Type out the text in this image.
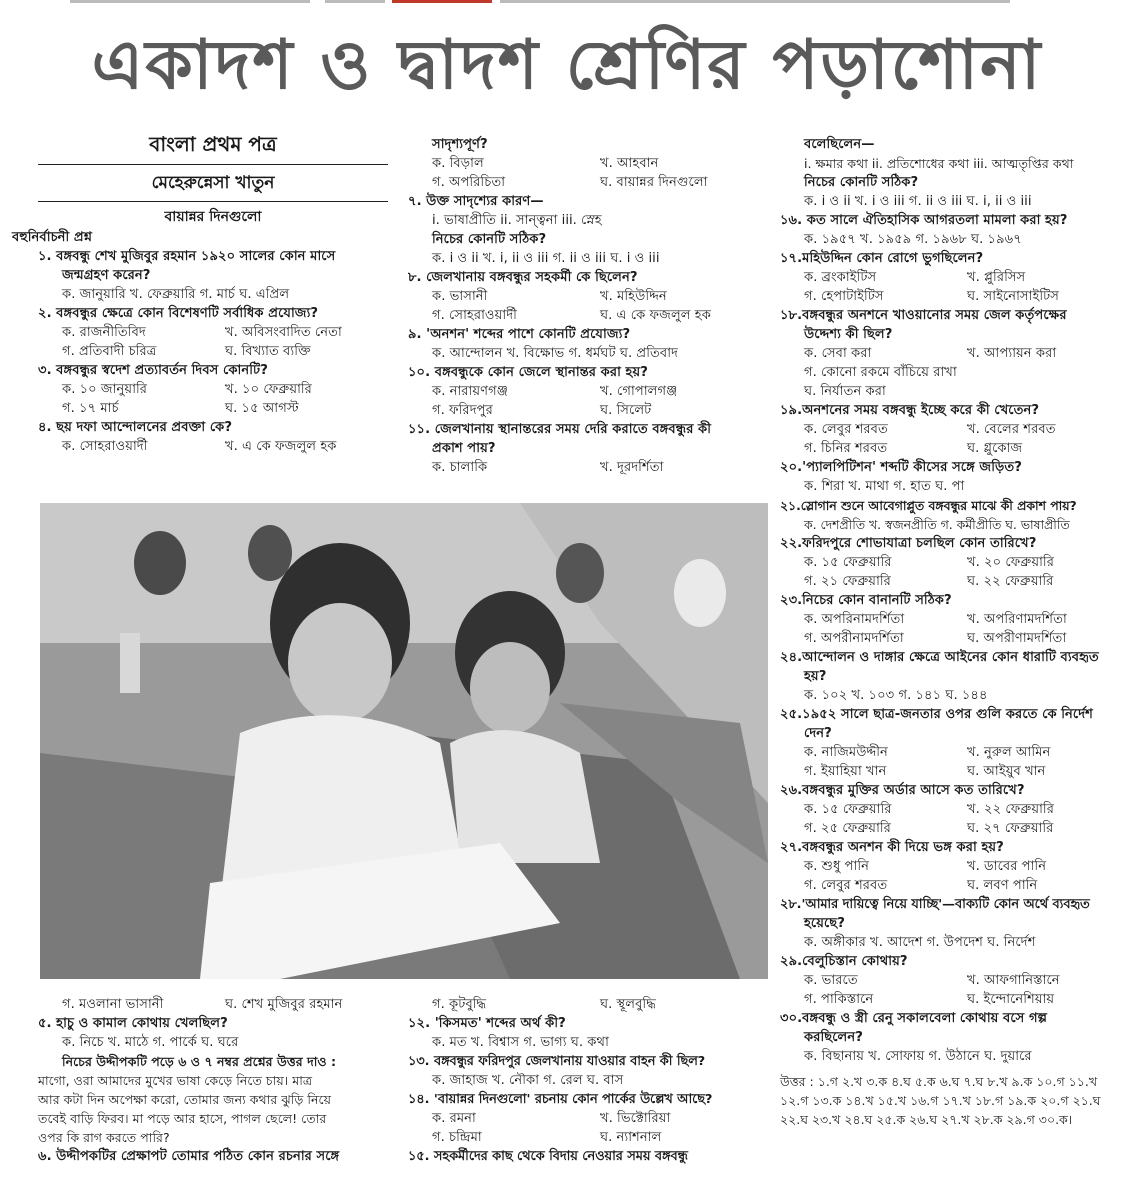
একাদশ ও দ্বাদশ শ্রেণির পড়াশোনা

বাংলা প্রথম পত্র

মেহেরুন্নেসা খাতুন

বায়ান্নর দিনগুলো

বহুনির্বাচনী প্রশ্ন

১. বঙ্গবন্ধু শেখ মুজিবুর রহমান ১৯২০ সালের কোন মাসে

জন্মগ্রহণ করেন?

ক. জানুয়ারি খ. ফেব্রুয়ারি গ. মার্চ ঘ. এপ্রিল

২. বঙ্গবন্ধুর ক্ষেত্রে কোন বিশেষণটি সর্বাধিক প্রযোজ্য?

ক. রাজনীতিবিদ	খ. অবিসংবাদিত নেতা
গ. প্রতিবাদী চরিত্র	ঘ. বিখ্যাত ব্যক্তি

৩. বঙ্গবন্ধুর স্বদেশ প্রত্যাবর্তন দিবস কোনটি?

ক. ১০ জানুয়ারি	খ. ১০ ফেব্রুয়ারি
গ. ১৭ মার্চ	ঘ. ১৫ আগস্ট

৪. ছয় দফা আন্দোলনের প্রবক্তা কে?

ক. সোহরাওয়ার্দী	খ. এ কে ফজলুল হক

সাদৃশ্যপূর্ণ?

ক. বিড়াল	খ. আহবান
গ. অপরিচিতা	ঘ. বায়ান্নর দিনগুলো

৭. উক্ত সাদৃশ্যের কারণ—

i. ভাষাপ্রীতি ii. সান্ত্বনা iii. স্নেহ

নিচের কোনটি সঠিক?

ক. i ও ii খ. i, ii ও iii গ. ii ও iii ঘ. i ও iii

৮. জেলখানায় বঙ্গবন্ধুর সহকর্মী কে ছিলেন?

ক. ভাসানী	খ. মহিউদ্দিন
গ. সোহরাওয়ার্দী	ঘ. এ কে ফজলুল হক

৯. 'অনশন' শব্দের পাশে কোনটি প্রযোজ্য?

ক. আন্দোলন খ. বিক্ষোভ গ. ধর্মঘট ঘ. প্রতিবাদ

১০. বঙ্গবন্ধুকে কোন জেলে স্থানান্তর করা হয়?

ক. নারায়ণগঞ্জ	খ. গোপালগঞ্জ
গ. ফরিদপুর	ঘ. সিলেট

১১. জেলখানায় স্থানান্তরের সময় দেরি করাতে বঙ্গবন্ধুর কী

প্রকাশ পায়?

ক. চালাকি	খ. দূরদর্শিতা

বলেছিলেন—

i. ক্ষমার কথা ii. প্রতিশোধের কথা iii. আত্মতৃপ্তির কথা

নিচের কোনটি সঠিক?

ক. i ও ii খ. i ও iii গ. ii ও iii ঘ. i, ii ও iii

১৬. কত সালে ঐতিহাসিক আগরতলা মামলা করা হয়?

ক. ১৯৫৭ খ. ১৯৫৯ গ. ১৯৬৮ ঘ. ১৯৬৭

১৭.মহিউদ্দিন কোন রোগে ভুগছিলেন?

ক. ব্রংকাইটিস	খ. প্লুরিসিস
গ. হেপাটাইটিস	ঘ. সাইনোসাইটিস

১৮.বঙ্গবন্ধুর অনশনে খাওয়ানোর সময় জেল কর্তৃপক্ষের

উদ্দেশ্য কী ছিল?

ক. সেবা করা	খ. আপ্যায়ন করা

গ. কোনো রকমে বাঁচিয়ে রাখা

ঘ. নির্যাতন করা

১৯.অনশনের সময় বঙ্গবন্ধু ইচ্ছে করে কী খেতেন?

ক. লেবুর শরবত	খ. বেলের শরবত
গ. চিনির শরবত	ঘ. গ্লুকোজ

২০.'প্যালপিটিশন' শব্দটি কীসের সঙ্গে জড়িত?

ক. শিরা খ. মাথা গ. হাত ঘ. পা

২১.স্লোগান শুনে আবেগাপ্লুত বঙ্গবন্ধুর মাঝে কী প্রকাশ পায়?

ক. দেশপ্রীতি খ. স্বজনপ্রীতি গ. কর্মীপ্রীতি ঘ. ভাষাপ্রীতি

২২.ফরিদপুরে শোভাযাত্রা চলছিল কোন তারিখে?

ক. ১৫ ফেব্রুয়ারি	খ. ২০ ফেব্রুয়ারি
গ. ২১ ফেব্রুয়ারি	ঘ. ২২ ফেব্রুয়ারি

২৩.নিচের কোন বানানটি সঠিক?

ক. অপরিনামদর্শিতা	খ. অপরিণামদর্শিতা
গ. অপরীনামদর্শিতা	ঘ. অপরীণামদর্শিতা

২৪.আন্দোলন ও দাঙ্গার ক্ষেত্রে আইনের কোন ধারাটি ব্যবহৃত

হয়?

ক. ১০২ খ. ১০৩ গ. ১৪১ ঘ. ১৪৪

২৫.১৯৫২ সালে ছাত্র-জনতার ওপর গুলি করতে কে নির্দেশ

দেন?

ক. নাজিমউদ্দীন	খ. নুরুল আমিন
গ. ইয়াহিয়া খান	ঘ. আইয়ুব খান

২৬.বঙ্গবন্ধুর মুক্তির অর্ডার আসে কত তারিখে?

ক. ১৫ ফেব্রুয়ারি	খ. ২২ ফেব্রুয়ারি
গ. ২৫ ফেব্রুয়ারি	ঘ. ২৭ ফেব্রুয়ারি

২৭.বঙ্গবন্ধুর অনশন কী দিয়ে ভঙ্গ করা হয়?

ক. শুধু পানি	খ. ডাবের পানি
গ. লেবুর শরবত	ঘ. লবণ পানি

২৮.'আমার দায়িত্বে নিয়ে যাচ্ছি'—বাক্যটি কোন অর্থে ব্যবহৃত

হয়েছে?

ক. অঙ্গীকার খ. আদেশ গ. উপদেশ ঘ. নির্দেশ

২৯.বেলুচিস্তান কোথায়?

ক. ভারতে	খ. আফগানিস্তানে
গ. পাকিস্তানে	ঘ. ইন্দোনেশিয়ায়

৩০.বঙ্গবন্ধু ও স্ত্রী রেনু সকালবেলা কোথায় বসে গল্প

করছিলেন?

ক. বিছানায় খ. সোফায় গ. উঠানে ঘ. দুয়ারে

উত্তর : ১.গ ২.খ ৩.ক ৪.ঘ ৫.ক ৬.ঘ ৭.ঘ ৮.খ ৯.ক ১০.গ ১১.খ

১২.গ ১৩.ক ১৪.খ ১৫.খ ১৬.গ ১৭.খ ১৮.গ ১৯.ক ২০.গ ২১.ঘ

২২.ঘ ২৩.খ ২৪.ঘ ২৫.ক ২৬.ঘ ২৭.খ ২৮.ক ২৯.গ ৩০.ক।

গ. মওলানা ভাসানী	ঘ. শেখ মুজিবুর রহমান

৫. হাচু ও কামাল কোথায় খেলছিল?

ক. নিচে খ. মাঠে গ. পার্কে ঘ. ঘরে

নিচের উদ্দীপকটি পড়ে ৬ ও ৭ নম্বর প্রশ্নের উত্তর দাও :

মাগো, ওরা আমাদের মুখের ভাষা কেড়ে নিতে চায়। মাত্র

আর কটা দিন অপেক্ষা করো, তোমার জন্য কথার ঝুড়ি নিয়ে

তবেই বাড়ি ফিরব। মা পড়ে আর হাসে, পাগল ছেলে! তোর

ওপর কি রাগ করতে পারি?

৬. উদ্দীপকটির প্রেক্ষাপট তোমার পঠিত কোন রচনার সঙ্গে

গ. কূটবুদ্ধি	ঘ. স্থূলবুদ্ধি

১২. 'কিসমত' শব্দের অর্থ কী?

ক. মত খ. বিশ্বাস গ. ভাগ্য ঘ. কথা

১৩. বঙ্গবন্ধুর ফরিদপুর জেলখানায় যাওয়ার বাহন কী ছিল?

ক. জাহাজ খ. নৌকা গ. রেল ঘ. বাস

১৪. 'বায়ান্নর দিনগুলো' রচনায় কোন পার্কের উল্লেখ আছে?

ক. রমনা	খ. ভিক্টোরিয়া
গ. চন্দ্রিমা	ঘ. ন্যাশনাল

১৫. সহকর্মীদের কাছ থেকে বিদায় নেওয়ার সময় বঙ্গবন্ধু
